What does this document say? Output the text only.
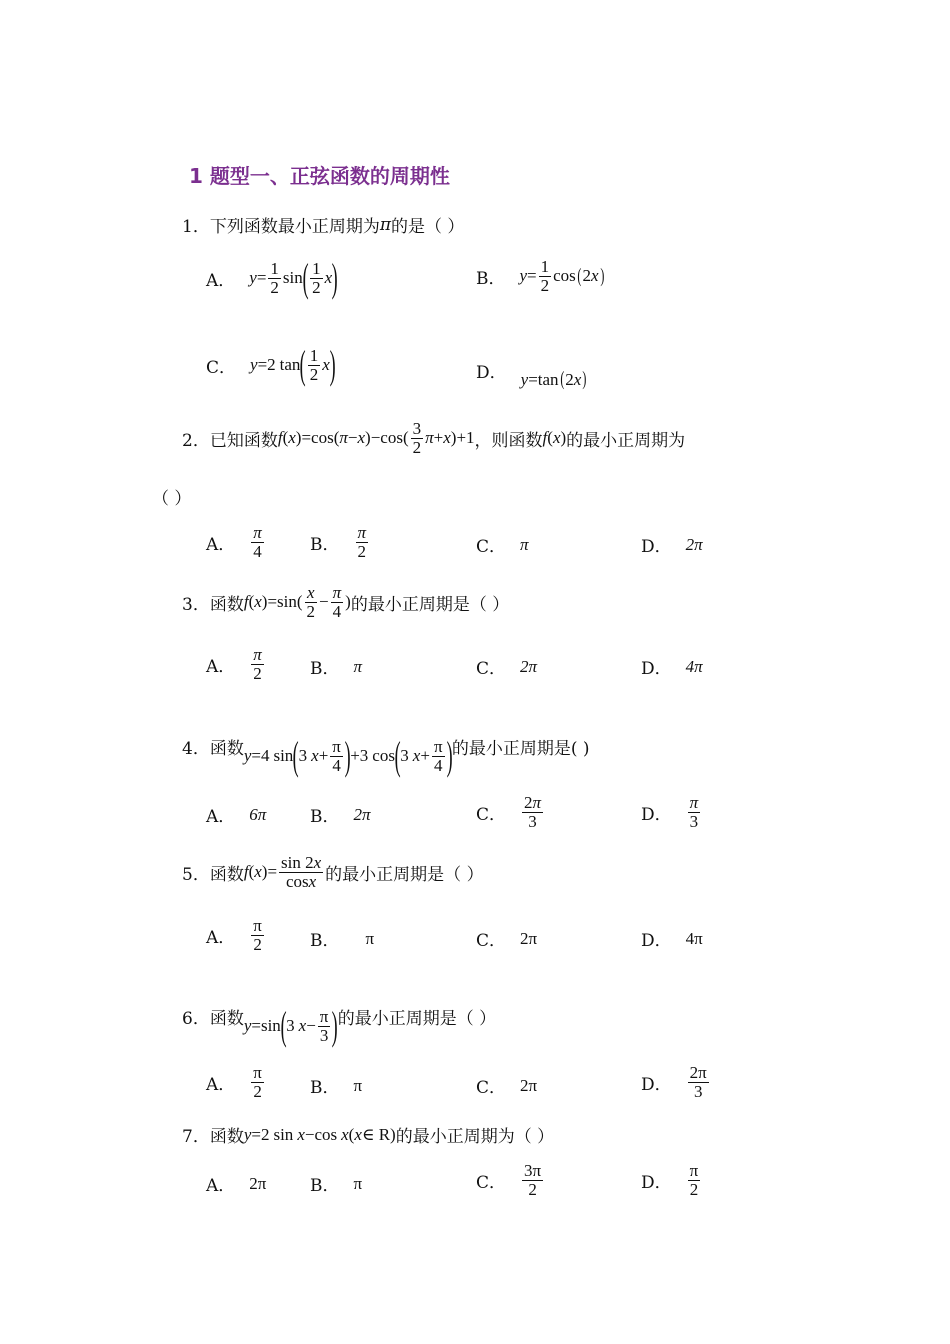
1 题型一、正弦函数的周期性
1． 下列函数最小正周期为 π 的是（ ）
A． $y = \frac{1}{2}$ sin ( $\frac{1}{2}$ x )	B． $y = \frac{1}{2}$ cos ( 2 x )
C． y =2 tan ( $\frac{1}{2}$ x )	D． y =tan ( 2 x )
2． 已知函数 f ( x )=cos( π − x )$-\cos( \frac{3}{2}$ π + x )+1 ，则函数 f ( x ) 的最小正周期为
（ ）
A． $\frac{\pi}{4}$	B． $\frac{\pi}{2}$	C． π	D． 2π
3． 函数 f ( x )$=\sin( \frac{x}{2} - \frac{\pi}{4}$ ) 的最小正周期是（ ）
A． $\frac{\pi}{2}$	B． π	C． 2π	D． 4π
4． 函数 y =4 sin ( 3 $x + \frac{\pi}{4}$ ) +3 cos ( 3 $x + \frac{\pi}{4}$ ) 的最小正周期是( )
A． 6π	B． 2π	C． $\frac{2\pi}{3}$	D． $\frac{\pi}{3}$
5． 函数 f ( x )= $\frac{\sin 2x}{\cos x}$ 的最小正周期是（ ）
A． $\frac{\pi}{2}$	B． π	C． 2π	D． 4π
6． 函数 y =sin ( 3 $x - \frac{\pi}{3}$ ) 的最小正周期是（ ）
A． $\frac{\pi}{2}$	B． π	C． 2π	D． $\frac{2\pi}{3}$
7． 函数 y =2 sin x −cos x ( x ∈ R) 的最小正周期为（ ）
A． 2π	B． π	C． $\frac{3\pi}{2}$	D． $\frac{\pi}{2}$
